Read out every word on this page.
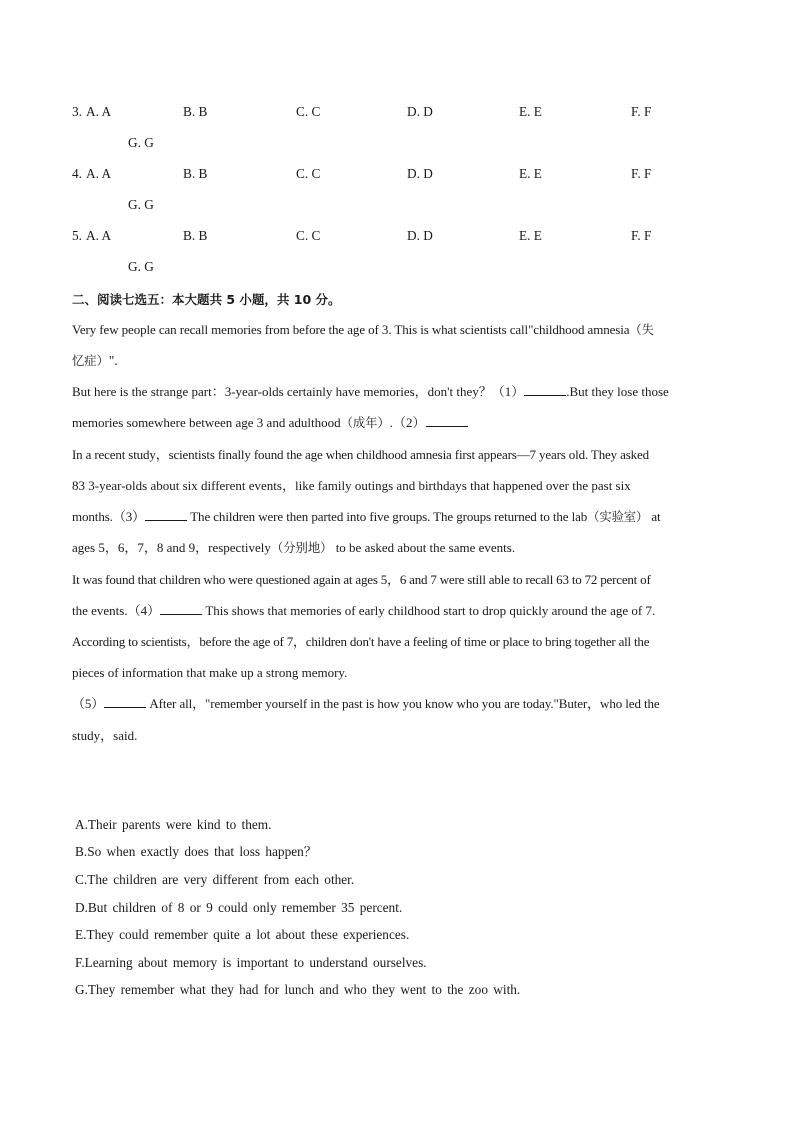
3. A. A	B. B	C. C	D. D	E. E	F. F
G. G
4. A. A	B. B	C. C	D. D	E. E	F. F
G. G
5. A. A	B. B	C. C	D. D	E. E	F. F
G. G
二、阅读七选五：本大题共 5 小题，共 10 分。
Very few people can recall memories from before the age of 3. This is what scientists call"childhood amnesia（失
忆症）".
But here is the strange part：3-year-olds certainly have memories，don't they？（1）	.But they lose those
memories somewhere between age 3 and adulthood（成年）.（2）
In a recent study，scientists finally found the age when childhood amnesia first appears—7 years old. They asked
83 3-year-olds about six different events，like family outings and birthdays that happened over the past six
months.（3）	The children were then parted into five groups. The groups returned to the lab（实验室） at
ages 5，6，7，8 and 9，respectively（分别地） to be asked about the same events.
It was found that children who were questioned again at ages 5，6 and 7 were still able to recall 63 to 72 percent of
the events.（4）	This shows that memories of early childhood start to drop quickly around the age of 7.
According to scientists，before the age of 7，children don't have a feeling of time or place to bring together all the
pieces of information that make up a strong memory.
（5）	After all，"remember yourself in the past is how you know who you are today."Buter，who led the
study，said.
A.Their parents were kind to them.
B.So when exactly does that loss happen？
C.The children are very different from each other.
D.But children of 8 or 9 could only remember 35 percent.
E.They could remember quite a lot about these experiences.
F.Learning about memory is important to understand ourselves.
G.They remember what they had for lunch and who they went to the zoo with.
